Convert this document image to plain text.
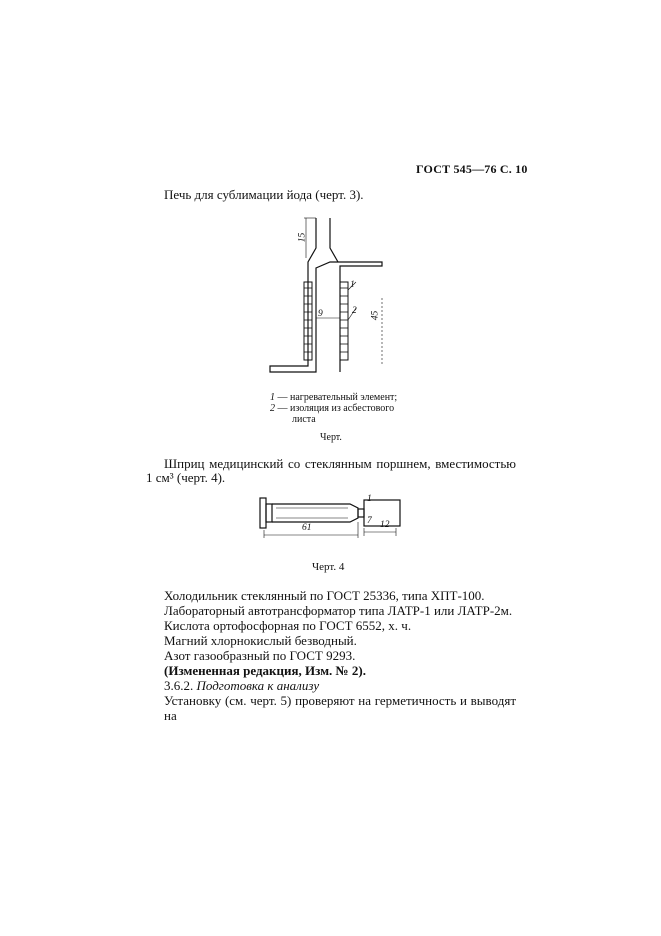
ГОСТ 545—76 С. 10
Печь для сублимации йода (черт. 3).
15
45
9
1
2
1 — нагревательный элемент;
2 — изоляция из асбестового
листа
Черт.
Шприц медицинский со стеклянным поршнем, вместимостью
1 см³ (черт. 4).
61	12
1
7
Черт. 4
Холодильник стеклянный по ГОСТ 25336, типа ХПТ-100.
Лабораторный автотрансформатор типа ЛАТР-1 или ЛАТР-2м.
Кислота ортофосфорная по ГОСТ 6552, х. ч.
Магний хлорнокислый безводный.
Азот газообразный по ГОСТ 9293.
(Измененная редакция, Изм. № 2).
3.6.2. Подготовка к анализу
Установку (см. черт. 5) проверяют на герметичность и выводят на
